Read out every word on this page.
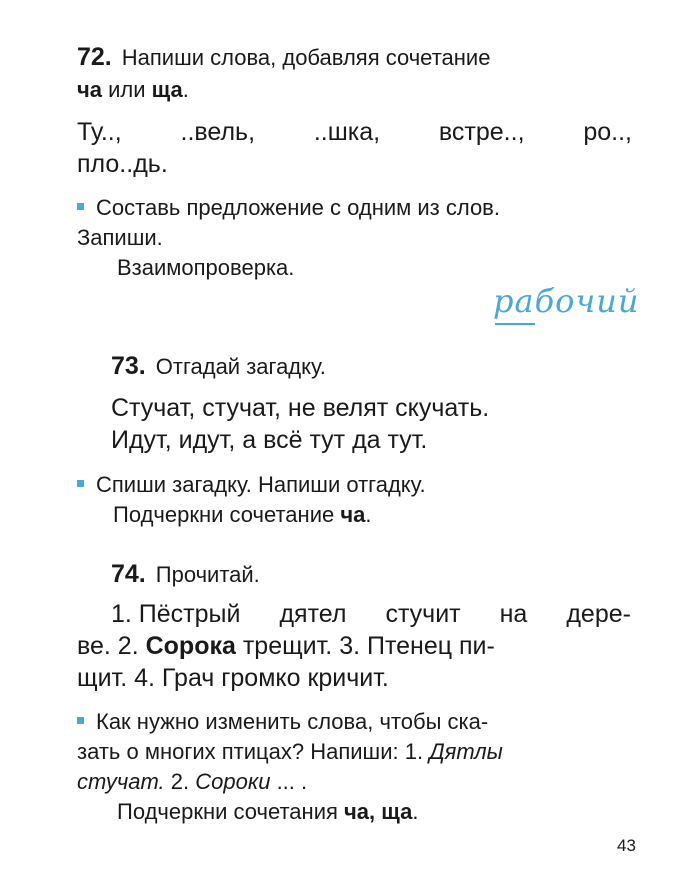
72. Напиши слова, добавляя сочетание
ча или ща.
Ту.., ..вель, ..шка, встре.., ро..,
пло..дь.
Составь предложение с одним из слов.
Запиши.
Взаимопроверка.
рабочий
73. Отгадай загадку.
Стучат, стучат, не велят скучать.
Идут, идут, а всё тут да тут.
Спиши загадку. Напиши отгадку.
Подчеркни сочетание ча.
74. Прочитай.
1. Пёстрый дятел стучит на дере-
ве. 2. Сорока трещит. 3. Птенец пи-
щит. 4. Грач громко кричит.
Как нужно изменить слова, чтобы ска-
зать о многих птицах? Напиши: 1. Дятлы
стучат. 2. Сороки ... .
Подчеркни сочетания ча, ща.
43
